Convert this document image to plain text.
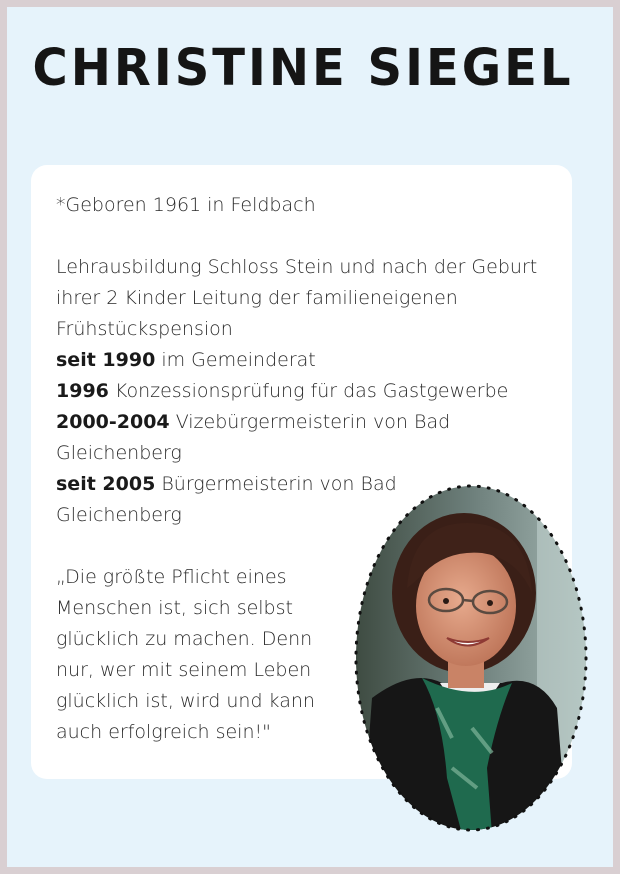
CHRISTINE SIEGEL

*Geboren 1961 in Feldbach

Lehrausbildung Schloss Stein und nach der Geburt ihrer 2 Kinder Leitung der familieneigenen Frühstückspension

seit 1990 im Gemeinderat

1996 Konzessionsprüfung für das Gastgewerbe

2000-2004 Vizebürgermeisterin von Bad Gleichenberg

seit 2005 Bürgermeisterin von Bad Gleichenberg

„Die größte Pflicht eines Menschen ist, sich selbst glücklich zu machen. Denn nur, wer mit seinem Leben glücklich ist, wird und kann auch erfolgreich sein!"
